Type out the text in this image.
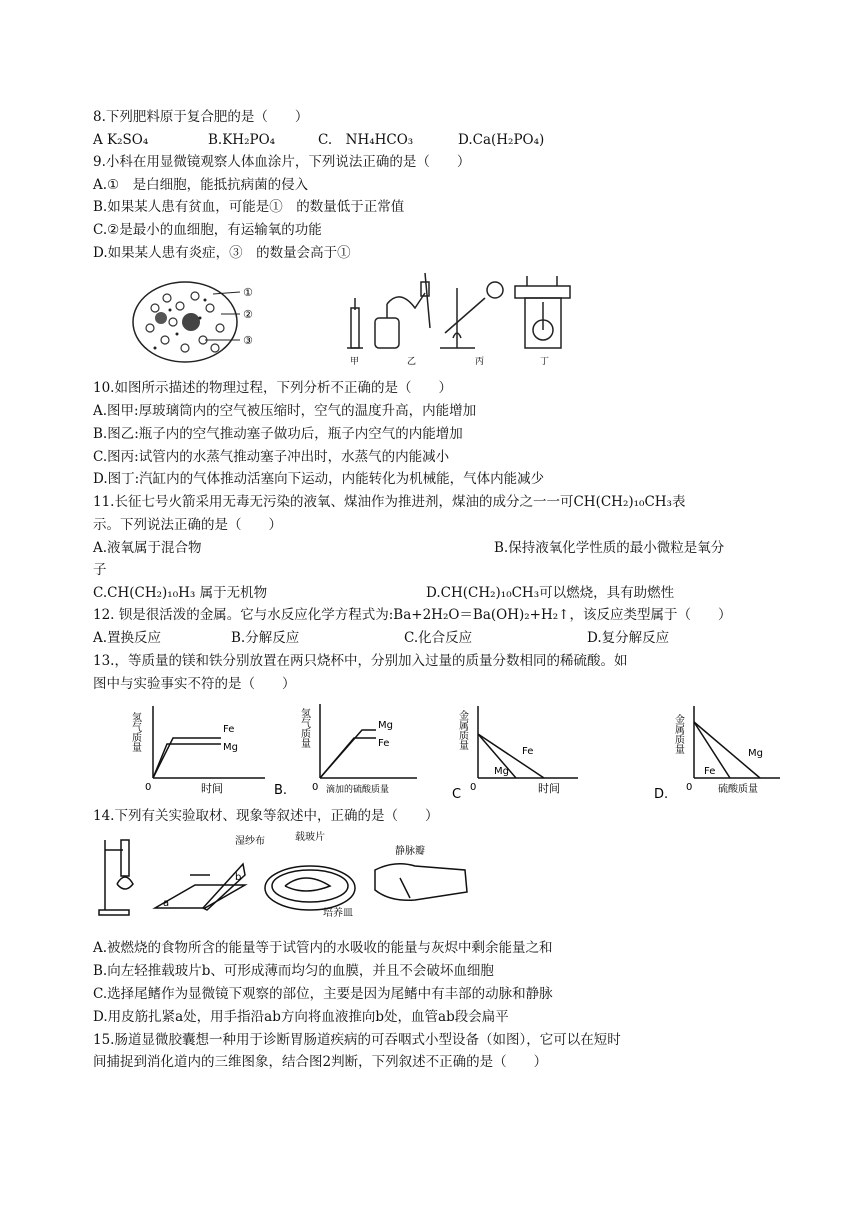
8.下列肥料原于复合肥的是（　　）
A K₂SO₄	B.KH₂PO₄	C.　NH₄HCO₃	D.Ca(H₂PO₄)
9.小科在用显微镜观察人体血涂片，下列说法正确的是（　　）
A.①　是白细胞，能抵抗病菌的侵入
B.如果某人患有贫血，可能是①　的数量低于正常值
C.②是最小的血细胞，有运输氧的功能
D.如果某人患有炎症，③　的数量会高于①
①
②
③
甲	乙	丙	丁
10.如图所示描述的物理过程，下列分析不正确的是（　　）
A.图甲:厚玻璃筒内的空气被压缩时，空气的温度升高，内能增加
B.图乙:瓶子内的空气推动塞子做功后，瓶子内空气的内能增加
C.图丙:试管内的水蒸气推动塞子冲出时，水蒸气的内能减小
D.图丁:汽缸内的气体推动活塞向下运动，内能转化为机械能，气体内能减少
11.长征七号火箭采用无毒无污染的液氧、煤油作为推进剂，煤油的成分之一一可CH(CH₂)₁₀CH₃表
示。下列说法正确的是（　　）
A.液氧属于混合物	B.保持液氧化学性质的最小微粒是氧分
子
C.CH(CH₂)₁₀H₃ 属于无机物	D.CH(CH₂)₁₀CH₃可以燃烧，具有助燃性
12. 钡是很活泼的金属。它与水反应化学方程式为:Ba+2H₂O＝Ba(OH)₂+H₂↑，该反应类型属于（　　）
A.置换反应	B.分解反应	C.化合反应	D.复分解反应
13.，等质量的镁和铁分别放置在两只烧杯中，分别加入过量的质量分数相同的稀硫酸。如
图中与实验事实不符的是（　　）
氢气质量	Fe
Mg
0	时间
氢气质量	Mg
Fe
0 滴加的硫酸质量
B.
金属质量
Fe
Mg
0	时间
C
金属质量	Mg
Fe
0	硫酸质量
D.
14.下列有关实验取材、现象等叙述中，正确的是（　　）
湿纱布	载玻片
静脉瓣
培养皿
a
b
A.被燃烧的食物所含的能量等于试管内的水吸收的能量与灰烬中剩余能量之和
B.向左轻推载玻片b、可形成薄而均匀的血膜，并且不会破坏血细胞
C.选择尾鳍作为显微镜下观察的部位，主要是因为尾鳍中有丰部的动脉和静脉
D.用皮筋扎紧a处，用手指沿ab方向将血液推向b处，血管ab段会扁平
15.肠道显微胶囊想一种用于诊断胃肠道疾病的可吞咽式小型设备（如图），它可以在短时
间捕捉到消化道内的三维图象，结合图2判断，下列叙述不正确的是（　　）
